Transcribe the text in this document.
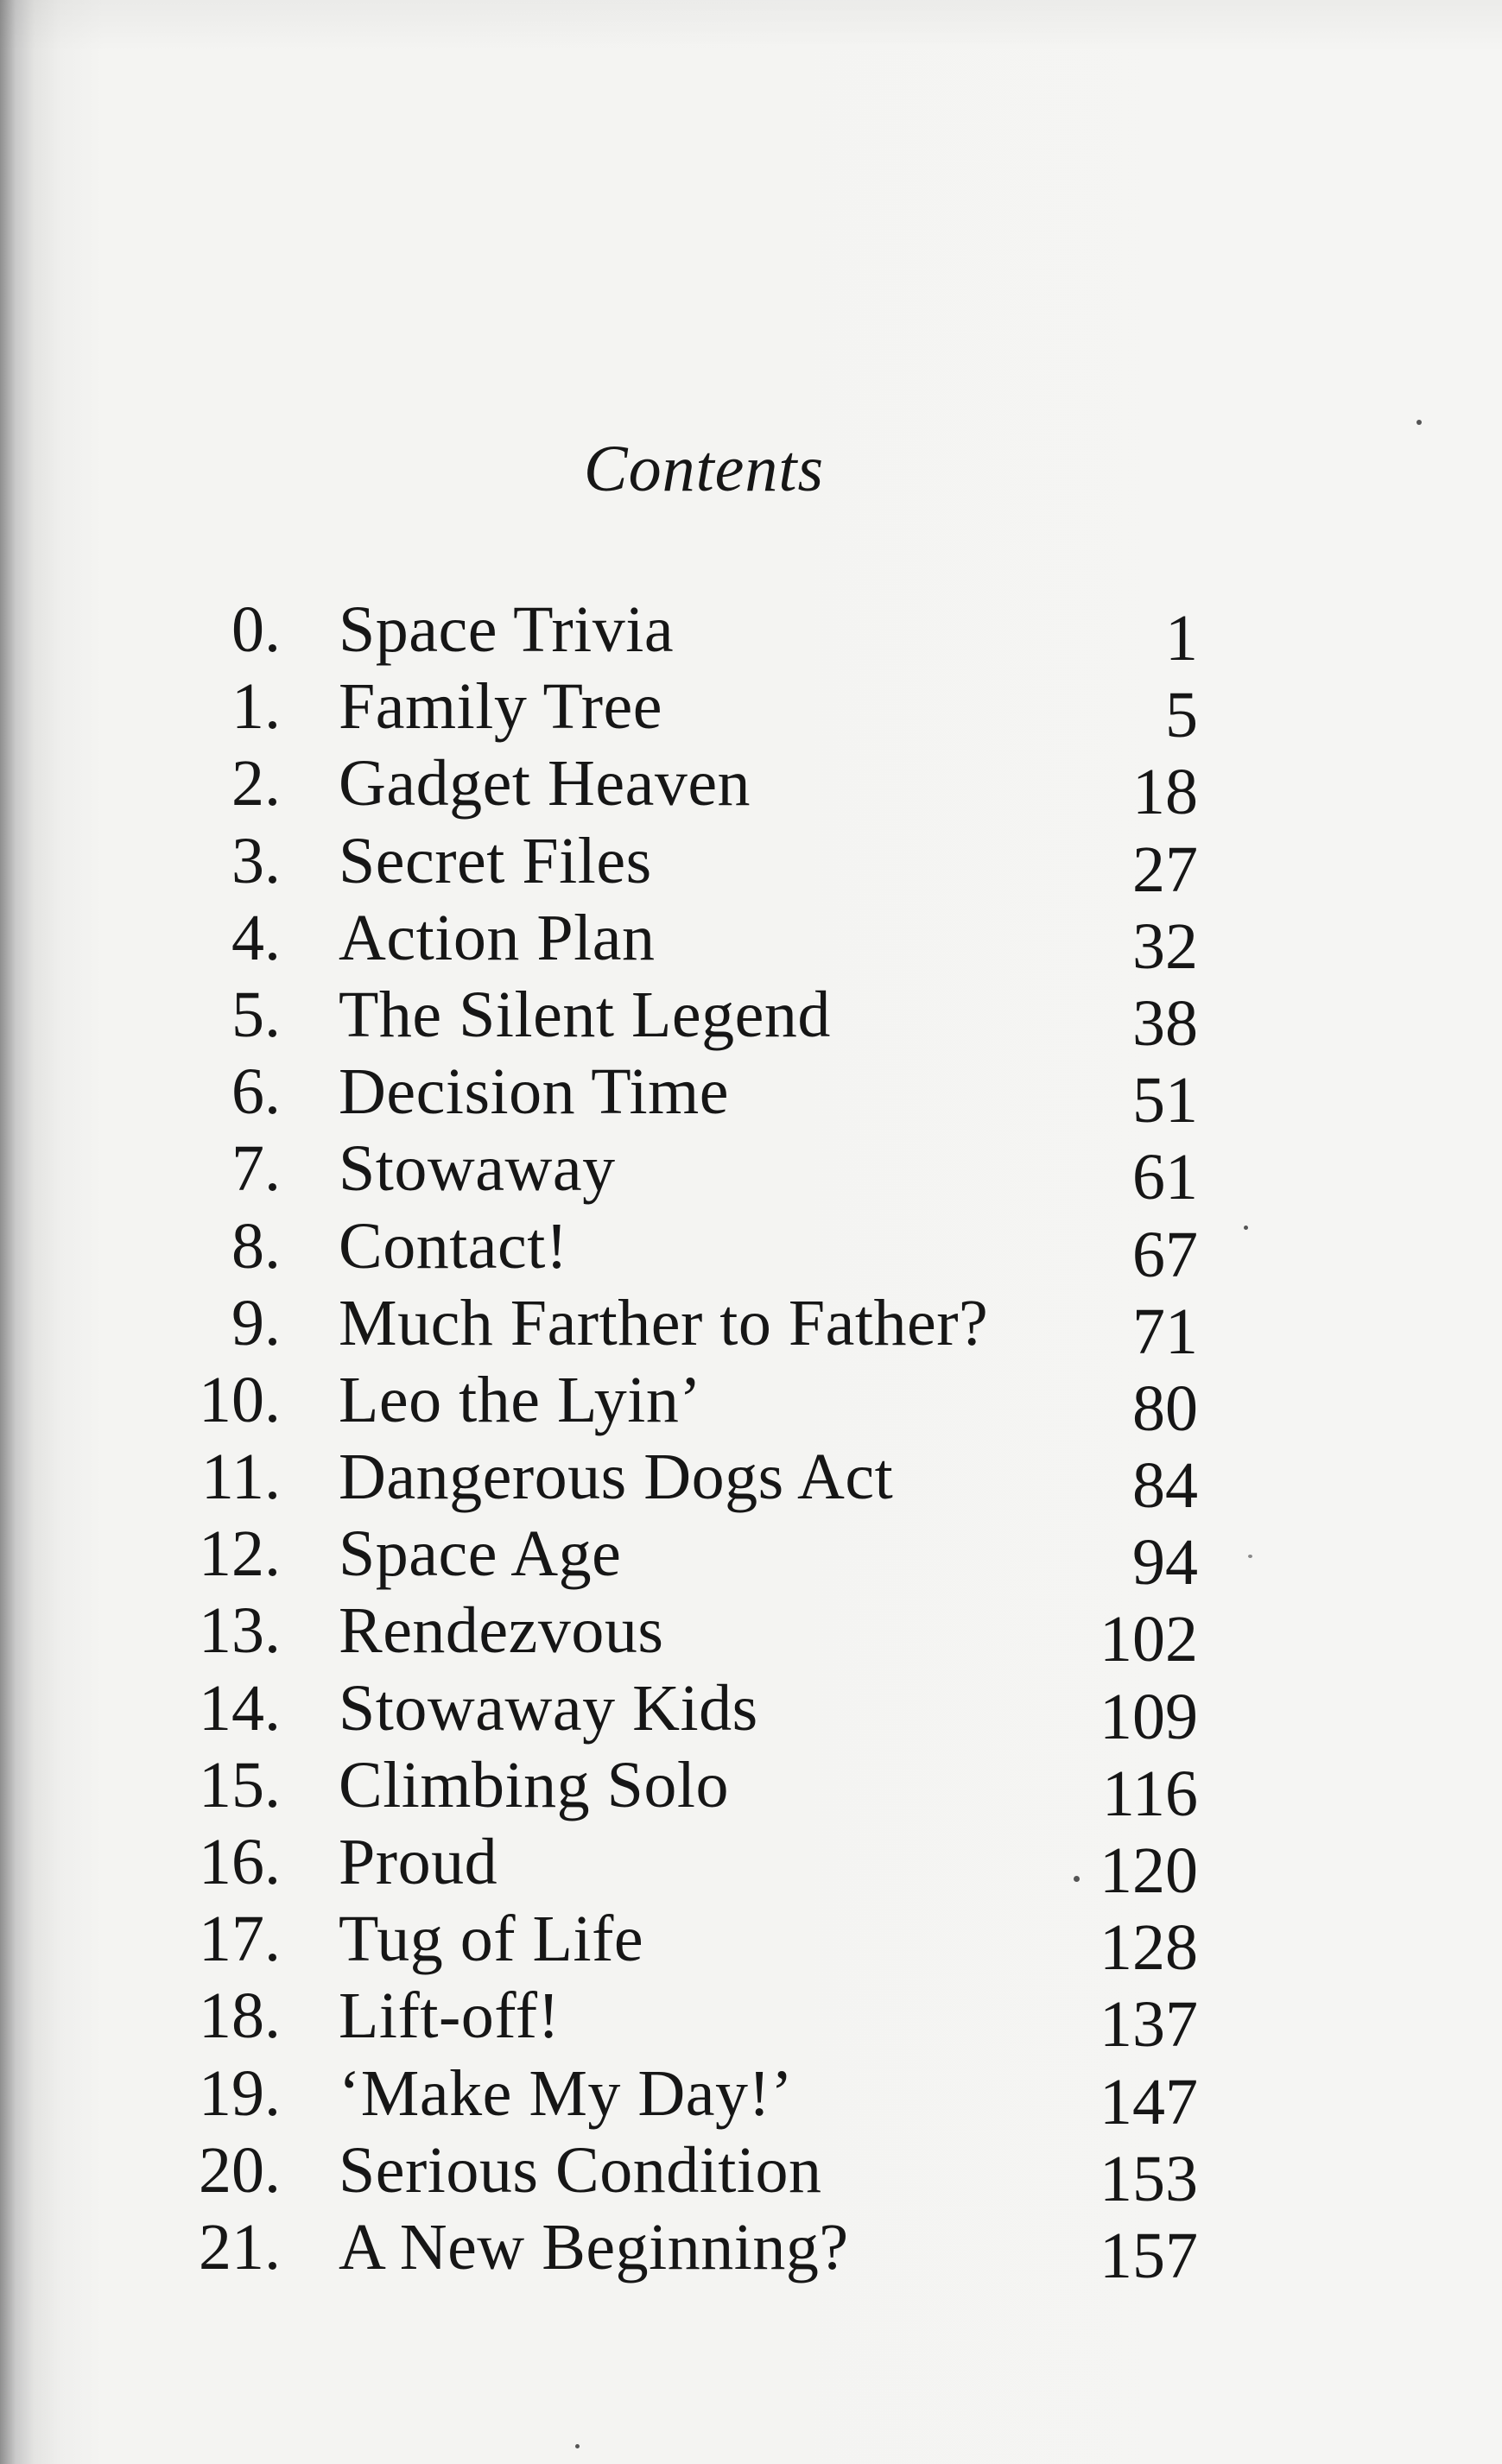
Contents
0. Space Trivia	1
1. Family Tree	5
2. Gadget Heaven	18
3. Secret Files	27
4. Action Plan	32
5. The Silent Legend	38
6. Decision Time	51
7. Stowaway	61
8. Contact!	67
9. Much Farther to Father? 71
10. Leo the Lyin’	80
11. Dangerous Dogs Act	84
12. Space Age	94
13. Rendezvous	102
14. Stowaway Kids	109
15. Climbing Solo	116
16. Proud	120
17. Tug of Life	128
18. Lift-off!	137
19. ‘Make My Day!’	147
20. Serious Condition	153
21. A New Beginning?	157
